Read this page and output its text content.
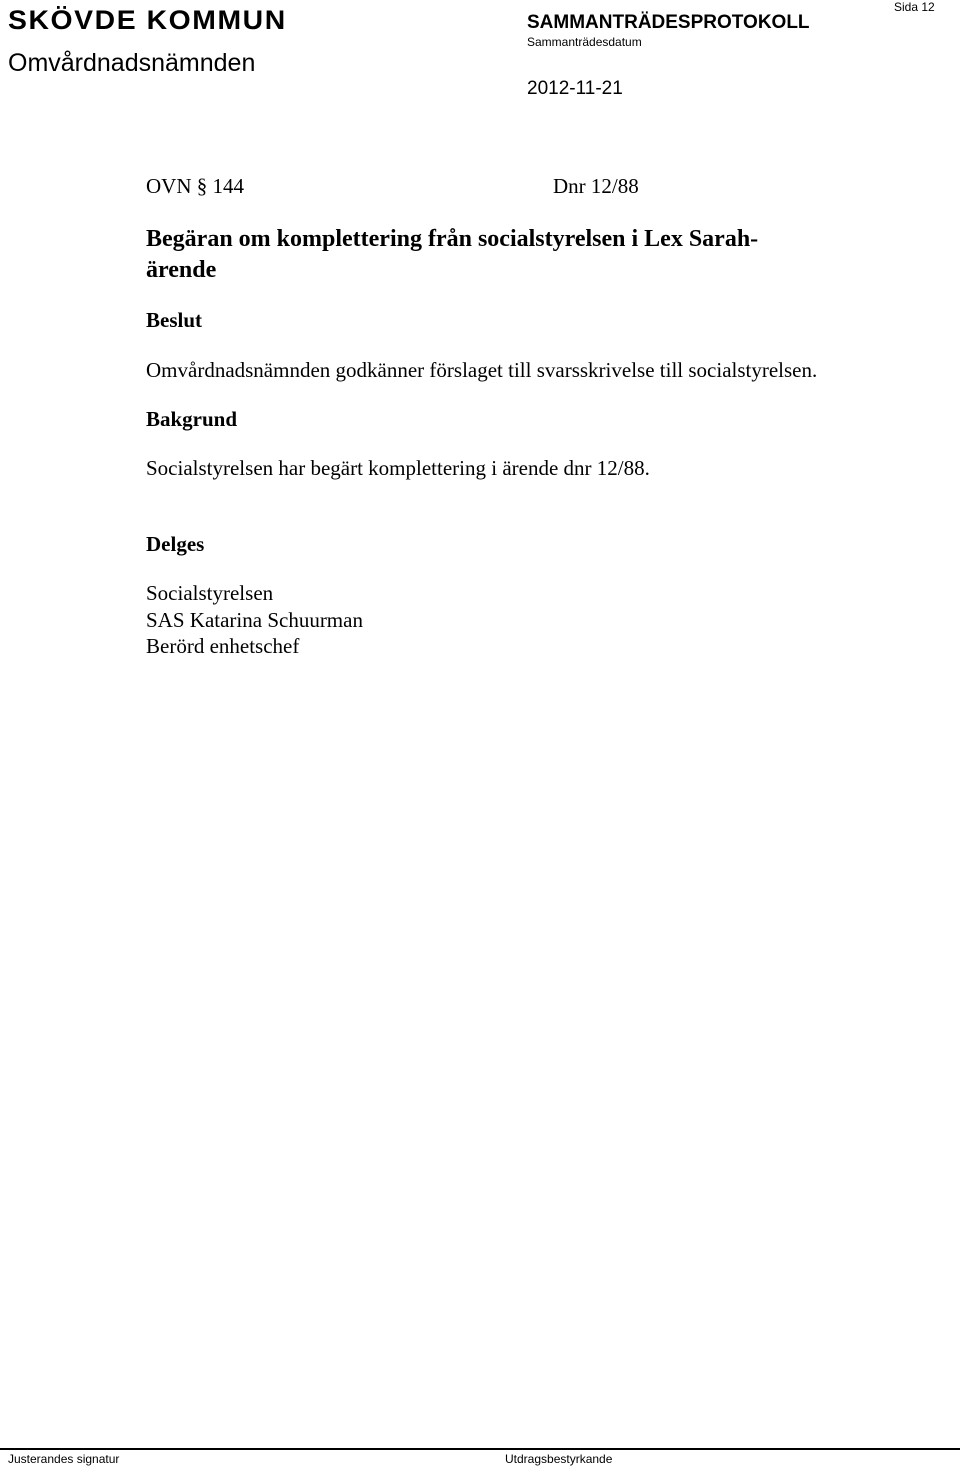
SKÖVDE KOMMUN
Omvårdnadsnämnden
SAMMANTRÄDESPROTOKOLL
Sammanträdesdatum
2012-11-21
Sida 12
OVN § 144	Dnr 12/88
Begäran om komplettering från socialstyrelsen i Lex Sarah-
ärende
Beslut
Omvårdnadsnämnden godkänner förslaget till svarsskrivelse till socialstyrelsen.
Bakgrund
Socialstyrelsen har begärt komplettering i ärende dnr 12/88.
Delges
Socialstyrelsen
SAS Katarina Schuurman
Berörd enhetschef
Justerandes signatur	Utdragsbestyrkande
